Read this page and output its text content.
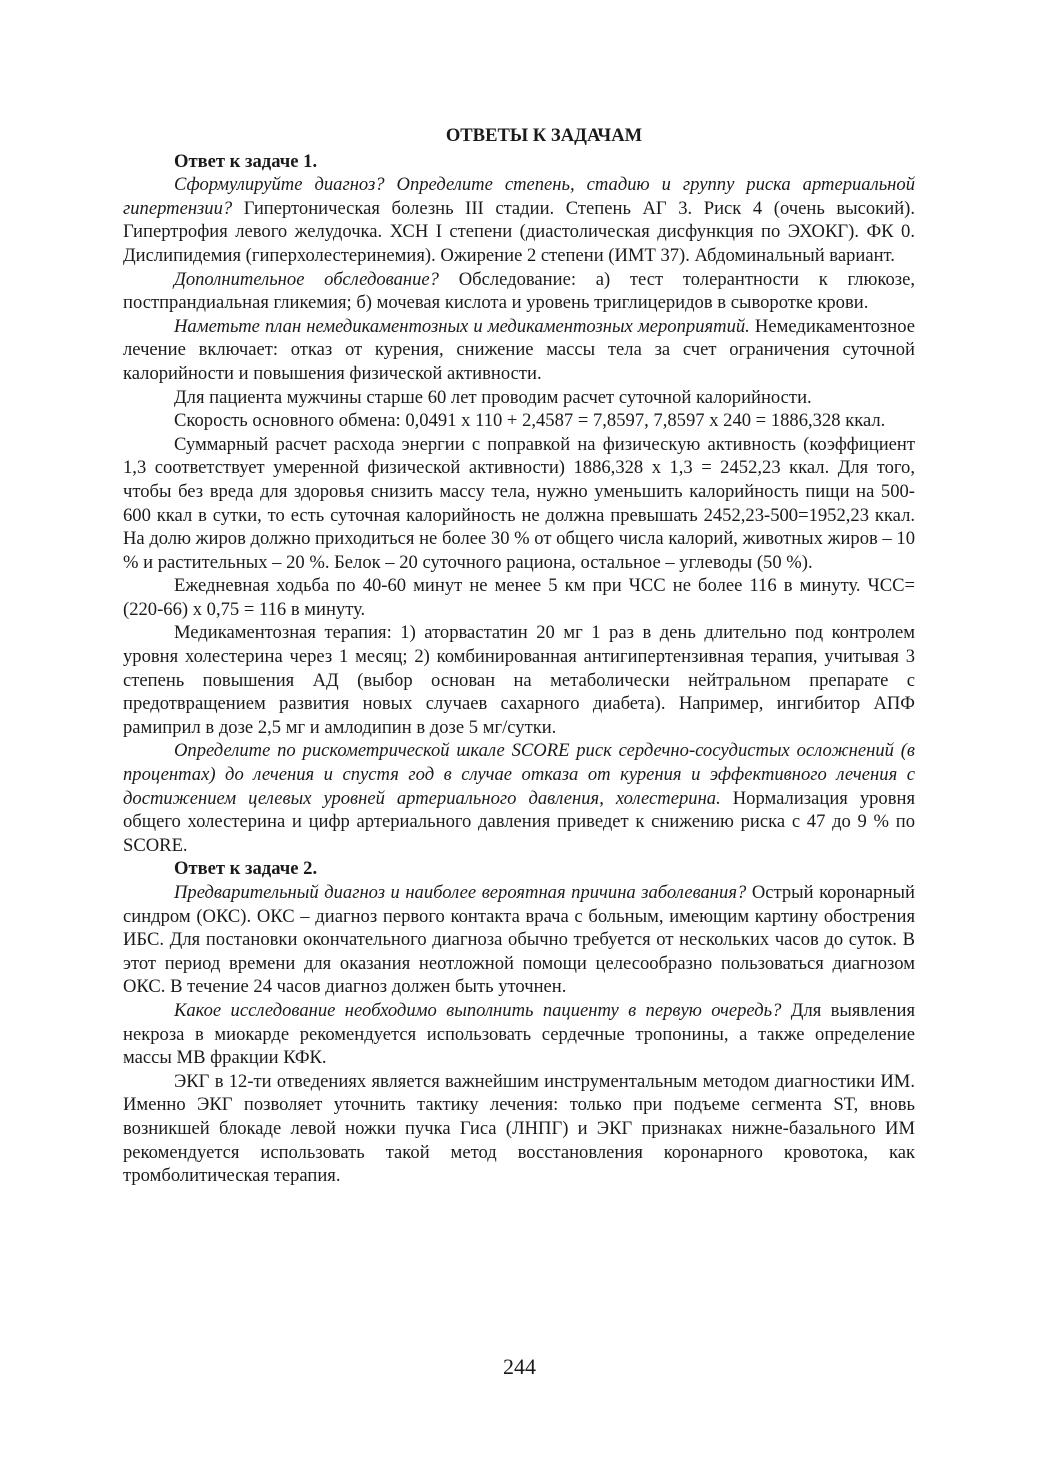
ОТВЕТЫ К ЗАДАЧАМ
Ответ к задаче 1.

Сформулируйте диагноз? Определите степень, стадию и группу риска артериальной гипертензии? Гипертоническая болезнь III стадии. Степень АГ 3. Риск 4 (очень высокий). Гипертрофия левого желудочка. ХСН I степени (диастолическая дисфункция по ЭХОКГ). ФК 0. Дислипидемия (гиперхолестеринемия). Ожирение 2 степени (ИМТ 37). Абдоминальный вариант.

Дополнительное обследование? Обследование: а) тест толерантности к глюкозе, постпрандиальная гликемия; б) мочевая кислота и уровень триглицеридов в сыворотке крови.

Наметьте план немедикаментозных и медикаментозных мероприятий. Немедикаментозное лечение включает: отказ от курения, снижение массы тела за счет ограничения суточной калорийности и повышения физической активности.

Для пациента мужчины старше 60 лет проводим расчет суточной калорийности.

Скорость основного обмена: 0,0491 х 110 + 2,4587 = 7,8597, 7,8597 х 240 = 1886,328 ккал.

Суммарный расчет расхода энергии с поправкой на физическую активность (коэффициент 1,3 соответствует умеренной физической активности) 1886,328 х 1,3 = 2452,23 ккал. Для того, чтобы без вреда для здоровья снизить массу тела, нужно уменьшить калорийность пищи на 500-600 ккал в сутки, то есть суточная калорийность не должна превышать 2452,23-500=1952,23 ккал. На долю жиров должно приходиться не более 30 % от общего числа калорий, животных жиров – 10 % и растительных – 20 %. Белок – 20 суточного рациона, остальное – углеводы (50 %).

Ежедневная ходьба по 40-60 минут не менее 5 км при ЧСС не более 116 в минуту. ЧСС= (220-66) х 0,75 = 116 в минуту.

Медикаментозная терапия: 1) аторвастатин 20 мг 1 раз в день длительно под контролем уровня холестерина через 1 месяц; 2) комбинированная антигипертензивная терапия, учитывая 3 степень повышения АД (выбор основан на метаболически нейтральном препарате с предотвращением развития новых случаев сахарного диабета). Например, ингибитор АПФ рамиприл в дозе 2,5 мг и амлодипин в дозе 5 мг/сутки.

Определите по рискометрической шкале SCORE риск сердечно-сосудистых осложнений (в процентах) до лечения и спустя год в случае отказа от курения и эффективного лечения с достижением целевых уровней артериального давления, холестерина. Нормализация уровня общего холестерина и цифр артериального давления приведет к снижению риска с 47 до 9 % по SCORE.

Ответ к задаче 2.

Предварительный диагноз и наиболее вероятная причина заболевания? Острый коронарный синдром (ОКС). ОКС – диагноз первого контакта врача с больным, имеющим картину обострения ИБС. Для постановки окончательного диагноза обычно требуется от нескольких часов до суток. В этот период времени для оказания неотложной помощи целесообразно пользоваться диагнозом ОКС. В течение 24 часов диагноз должен быть уточнен.

Какое исследование необходимо выполнить пациенту в первую очередь? Для выявления некроза в миокарде рекомендуется использовать сердечные тропонины, а также определение массы МВ фракции КФК.

ЭКГ в 12-ти отведениях является важнейшим инструментальным методом диагностики ИМ. Именно ЭКГ позволяет уточнить тактику лечения: только при подъеме сегмента ST, вновь возникшей блокаде левой ножки пучка Гиса (ЛНПГ) и ЭКГ признаках нижне-базального ИМ рекомендуется использовать такой метод восстановления коронарного кровотока, как тромболитическая терапия.

244
